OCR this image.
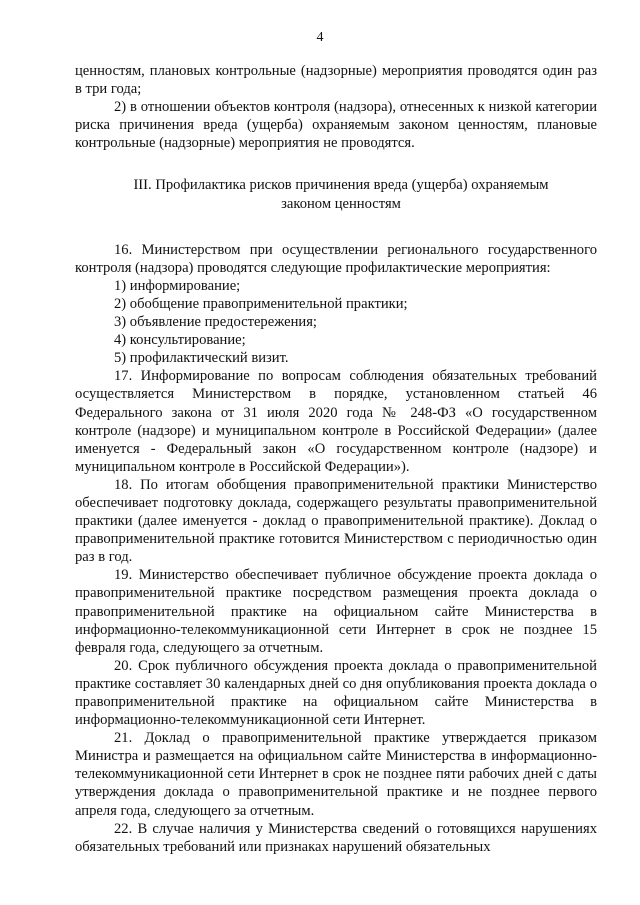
4

ценностям, плановых контрольные (надзорные) мероприятия проводятся один раз в три года;

2) в отношении объектов контроля (надзора), отнесенных к низкой категории риска причинения вреда (ущерба) охраняемым законом ценностям, плановые контрольные (надзорные) мероприятия не проводятся.

III. Профилактика рисков причинения вреда (ущерба) охраняемым
законом ценностям

16. Министерством при осуществлении регионального государственного контроля (надзора) проводятся следующие профилактические мероприятия:

1) информирование;
2) обобщение правоприменительной практики;
3) объявление предостережения;
4) консультирование;
5) профилактический визит.

17. Информирование по вопросам соблюдения обязательных требований осуществляется Министерством в порядке, установленном статьей 46 Федерального закона от 31 июля 2020 года № 248-ФЗ «О государственном контроле (надзоре) и муниципальном контроле в Российской Федерации» (далее именуется - Федеральный закон «О государственном контроле (надзоре) и муниципальном контроле в Российской Федерации»).

18. По итогам обобщения правоприменительной практики Министерство обеспечивает подготовку доклада, содержащего результаты правоприменительной практики (далее именуется - доклад о правоприменительной практике). Доклад о правоприменительной практике готовится Министерством с периодичностью один раз в год.

19. Министерство обеспечивает публичное обсуждение проекта доклада о правоприменительной практике посредством размещения проекта доклада о правоприменительной практике на официальном сайте Министерства в информационно-телекоммуникационной сети Интернет в срок не позднее 15 февраля года, следующего за отчетным.

20. Срок публичного обсуждения проекта доклада о правоприменительной практике составляет 30 календарных дней со дня опубликования проекта доклада о правоприменительной практике на официальном сайте Министерства в информационно-телекоммуникационной сети Интернет.

21. Доклад о правоприменительной практике утверждается приказом Министра и размещается на официальном сайте Министерства в информационно-телекоммуникационной сети Интернет в срок не позднее пяти рабочих дней с даты утверждения доклада о правоприменительной практике и не позднее первого апреля года, следующего за отчетным.

22. В случае наличия у Министерства сведений о готовящихся нарушениях обязательных требований или признаках нарушений обязательных
